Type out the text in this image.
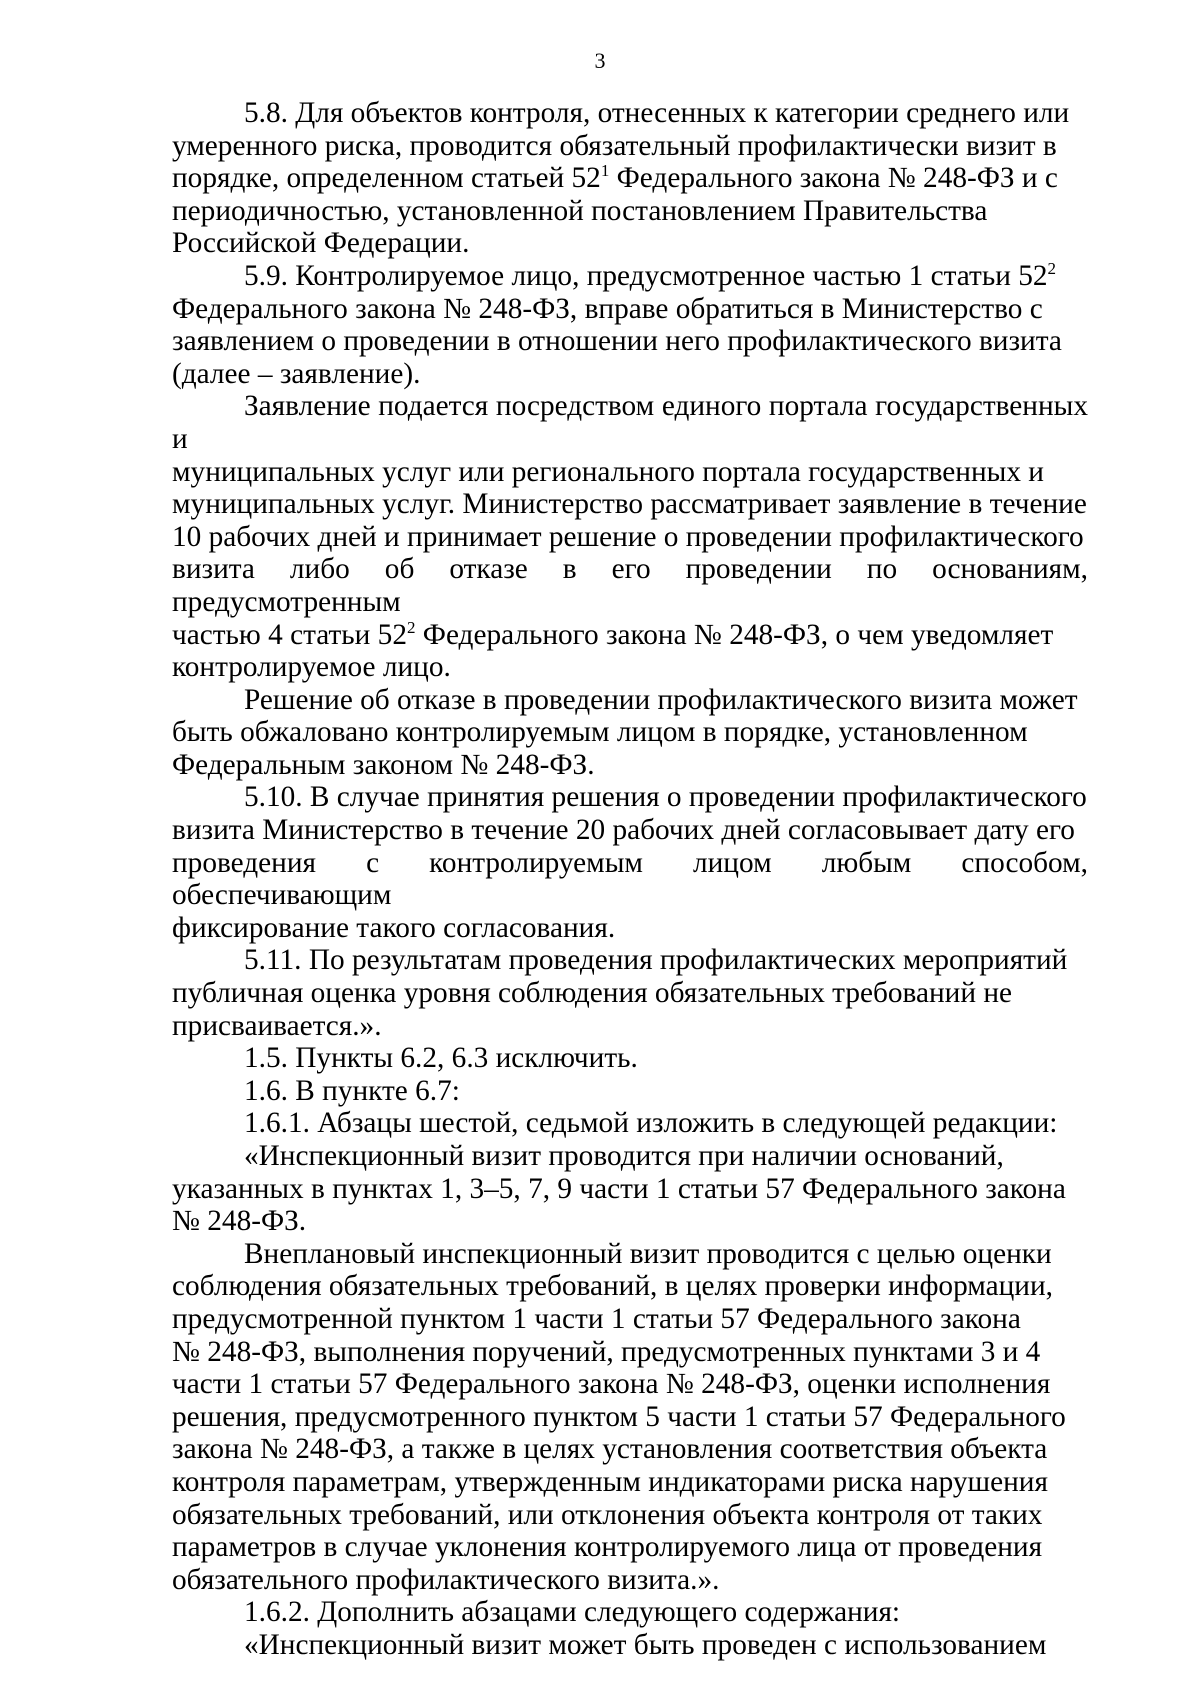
3

5.8. Для объектов контроля, отнесенных к категории среднего или
умеренного риска, проводится обязательный профилактически визит в
порядке, определенном статьей $52^1$ Федерального закона № 248-ФЗ и с
периодичностью, установленной постановлением Правительства
Российской Федерации.

5.9. Контролируемое лицо, предусмотренное частью 1 статьи $52^2$
Федерального закона № 248-ФЗ, вправе обратиться в Министерство с
заявлением о проведении в отношении него профилактического визита
(далее – заявление).

Заявление подается посредством единого портала государственных и
муниципальных услуг или регионального портала государственных и
муниципальных услуг. Министерство рассматривает заявление в течение
10 рабочих дней и принимает решение о проведении профилактического
визита либо об отказе в его проведении по основаниям, предусмотренным
частью 4 статьи $52^2$ Федерального закона № 248-ФЗ, о чем уведомляет
контролируемое лицо.

Решение об отказе в проведении профилактического визита может
быть обжаловано контролируемым лицом в порядке, установленном
Федеральным законом № 248-ФЗ.

5.10. В случае принятия решения о проведении профилактического
визита Министерство в течение 20 рабочих дней согласовывает дату его
проведения с контролируемым лицом любым способом, обеспечивающим
фиксирование такого согласования.

5.11. По результатам проведения профилактических мероприятий
публичная оценка уровня соблюдения обязательных требований не
присваивается.».

1.5. Пункты 6.2, 6.3 исключить.

1.6. В пункте 6.7:

1.6.1. Абзацы шестой, седьмой изложить в следующей редакции:

«Инспекционный визит проводится при наличии оснований,
указанных в пунктах 1, 3–5, 7, 9 части 1 статьи 57 Федерального закона
№ 248-ФЗ.

Внеплановый инспекционный визит проводится с целью оценки
соблюдения обязательных требований, в целях проверки информации,
предусмотренной пунктом 1 части 1 статьи 57 Федерального закона
№ 248-ФЗ, выполнения поручений, предусмотренных пунктами 3 и 4
части 1 статьи 57 Федерального закона № 248-ФЗ, оценки исполнения
решения, предусмотренного пунктом 5 части 1 статьи 57 Федерального
закона № 248-ФЗ, а также в целях установления соответствия объекта
контроля параметрам, утвержденным индикаторами риска нарушения
обязательных требований, или отклонения объекта контроля от таких
параметров в случае уклонения контролируемого лица от проведения
обязательного профилактического визита.».

1.6.2. Дополнить абзацами следующего содержания:

«Инспекционный визит может быть проведен с использованием
